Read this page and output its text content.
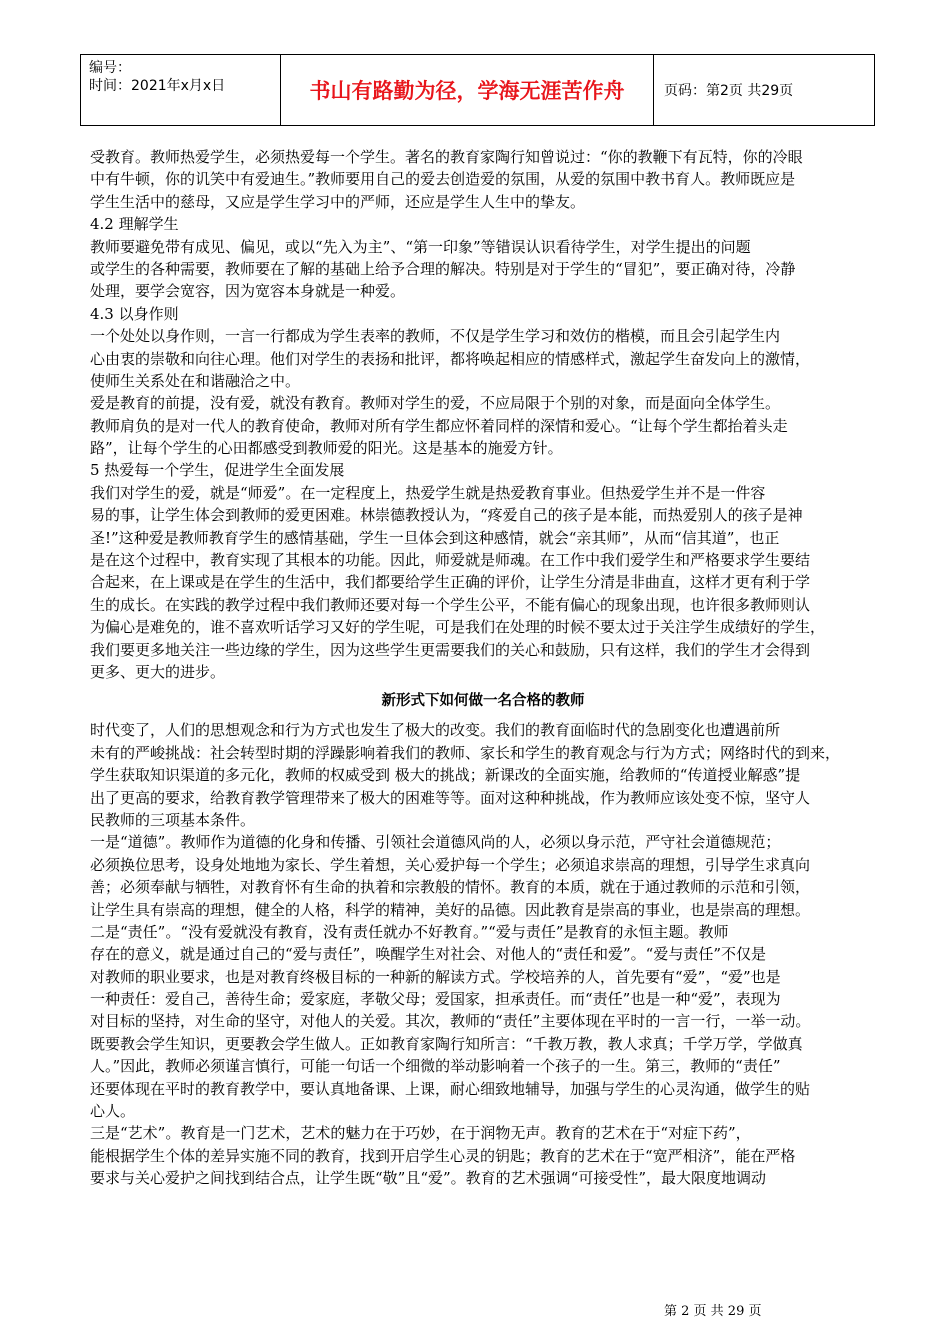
编号：
时间：2021年x月x日	书山有路勤为径，学海无涯苦作舟	页码：第2页 共29页
受教育。教师热爱学生，必须热爱每一个学生。著名的教育家陶行知曾说过：“你的教鞭下有瓦特，你的冷眼
中有牛顿，你的讥笑中有爱迪生。”教师要用自己的爱去创造爱的氛围，从爱的氛围中教书育人。教师既应是
学生生活中的慈母，又应是学生学习中的严师，还应是学生人生中的挚友。
4.2 理解学生
教师要避免带有成见、偏见，或以“先入为主”、“第一印象”等错误认识看待学生，对学生提出的问题
或学生的各种需要，教师要在了解的基础上给予合理的解决。特别是对于学生的“冒犯”，要正确对待，冷静
处理，要学会宽容，因为宽容本身就是一种爱。
4.3 以身作则
一个处处以身作则，一言一行都成为学生表率的教师，不仅是学生学习和效仿的楷模，而且会引起学生内
心由衷的崇敬和向往心理。他们对学生的表扬和批评，都将唤起相应的情感样式，激起学生奋发向上的激情，
使师生关系处在和谐融洽之中。
爱是教育的前提，没有爱，就没有教育。教师对学生的爱，不应局限于个别的对象，而是面向全体学生。
教师肩负的是对一代人的教育使命，教师对所有学生都应怀着同样的深情和爱心。“让每个学生都抬着头走
路”，让每个学生的心田都感受到教师爱的阳光。这是基本的施爱方针。
5 热爱每一个学生，促进学生全面发展
我们对学生的爱，就是“师爱”。在一定程度上，热爱学生就是热爱教育事业。但热爱学生并不是一件容
易的事，让学生体会到教师的爱更困难。林崇德教授认为，“疼爱自己的孩子是本能，而热爱别人的孩子是神
圣!”这种爱是教师教育学生的感情基础，学生一旦体会到这种感情，就会“亲其师”，从而“信其道”，也正
是在这个过程中，教育实现了其根本的功能。因此，师爱就是师魂。在工作中我们爱学生和严格要求学生要结
合起来，在上课或是在学生的生活中，我们都要给学生正确的评价，让学生分清是非曲直，这样才更有利于学
生的成长。在实践的教学过程中我们教师还要对每一个学生公平，不能有偏心的现象出现，也许很多教师则认
为偏心是难免的，谁不喜欢听话学习又好的学生呢，可是我们在处理的时候不要太过于关注学生成绩好的学生，
我们要更多地关注一些边缘的学生，因为这些学生更需要我们的关心和鼓励，只有这样，我们的学生才会得到
更多、更大的进步。
新形式下如何做一名合格的教师
时代变了，人们的思想观念和行为方式也发生了极大的改变。我们的教育面临时代的急剧变化也遭遇前所
未有的严峻挑战：社会转型时期的浮躁影响着我们的教师、家长和学生的教育观念与行为方式；网络时代的到来，
学生获取知识渠道的多元化，教师的权威受到 极大的挑战；新课改的全面实施，给教师的“传道授业解惑”提
出了更高的要求，给教育教学管理带来了极大的困难等等。面对这种种挑战，作为教师应该处变不惊，坚守人
民教师的三项基本条件。
一是“道德”。教师作为道德的化身和传播、引领社会道德风尚的人，必须以身示范，严守社会道德规范；
必须换位思考，设身处地地为家长、学生着想，关心爱护每一个学生；必须追求崇高的理想，引导学生求真向
善；必须奉献与牺牲，对教育怀有生命的执着和宗教般的情怀。教育的本质，就在于通过教师的示范和引领，
让学生具有崇高的理想，健全的人格，科学的精神，美好的品德。因此教育是崇高的事业，也是崇高的理想。
二是“责任”。“没有爱就没有教育，没有责任就办不好教育。”“爱与责任”是教育的永恒主题。教师
存在的意义，就是通过自己的“爱与责任”，唤醒学生对社会、对他人的“责任和爱”。“爱与责任”不仅是
对教师的职业要求，也是对教育终极目标的一种新的解读方式。学校培养的人，首先要有“爱”，“爱”也是
一种责任：爱自己，善待生命；爱家庭，孝敬父母；爱国家，担承责任。而“责任”也是一种“爱”，表现为
对目标的坚持，对生命的坚守，对他人的关爱。其次，教师的“责任”主要体现在平时的一言一行，一举一动。
既要教会学生知识，更要教会学生做人。正如教育家陶行知所言：“千教万教，教人求真；千学万学，学做真
人。”因此，教师必须谨言慎行，可能一句话一个细微的举动影响着一个孩子的一生。第三，教师的“责任”
还要体现在平时的教育教学中，要认真地备课、上课，耐心细致地辅导，加强与学生的心灵沟通，做学生的贴
心人。
三是“艺术”。教育是一门艺术，艺术的魅力在于巧妙，在于润物无声。教育的艺术在于“对症下药”，
能根据学生个体的差异实施不同的教育，找到开启学生心灵的钥匙；教育的艺术在于“宽严相济”，能在严格
要求与关心爱护之间找到结合点，让学生既“敬”且“爱”。教育的艺术强调“可接受性”，最大限度地调动
第 2 页 共 29 页
